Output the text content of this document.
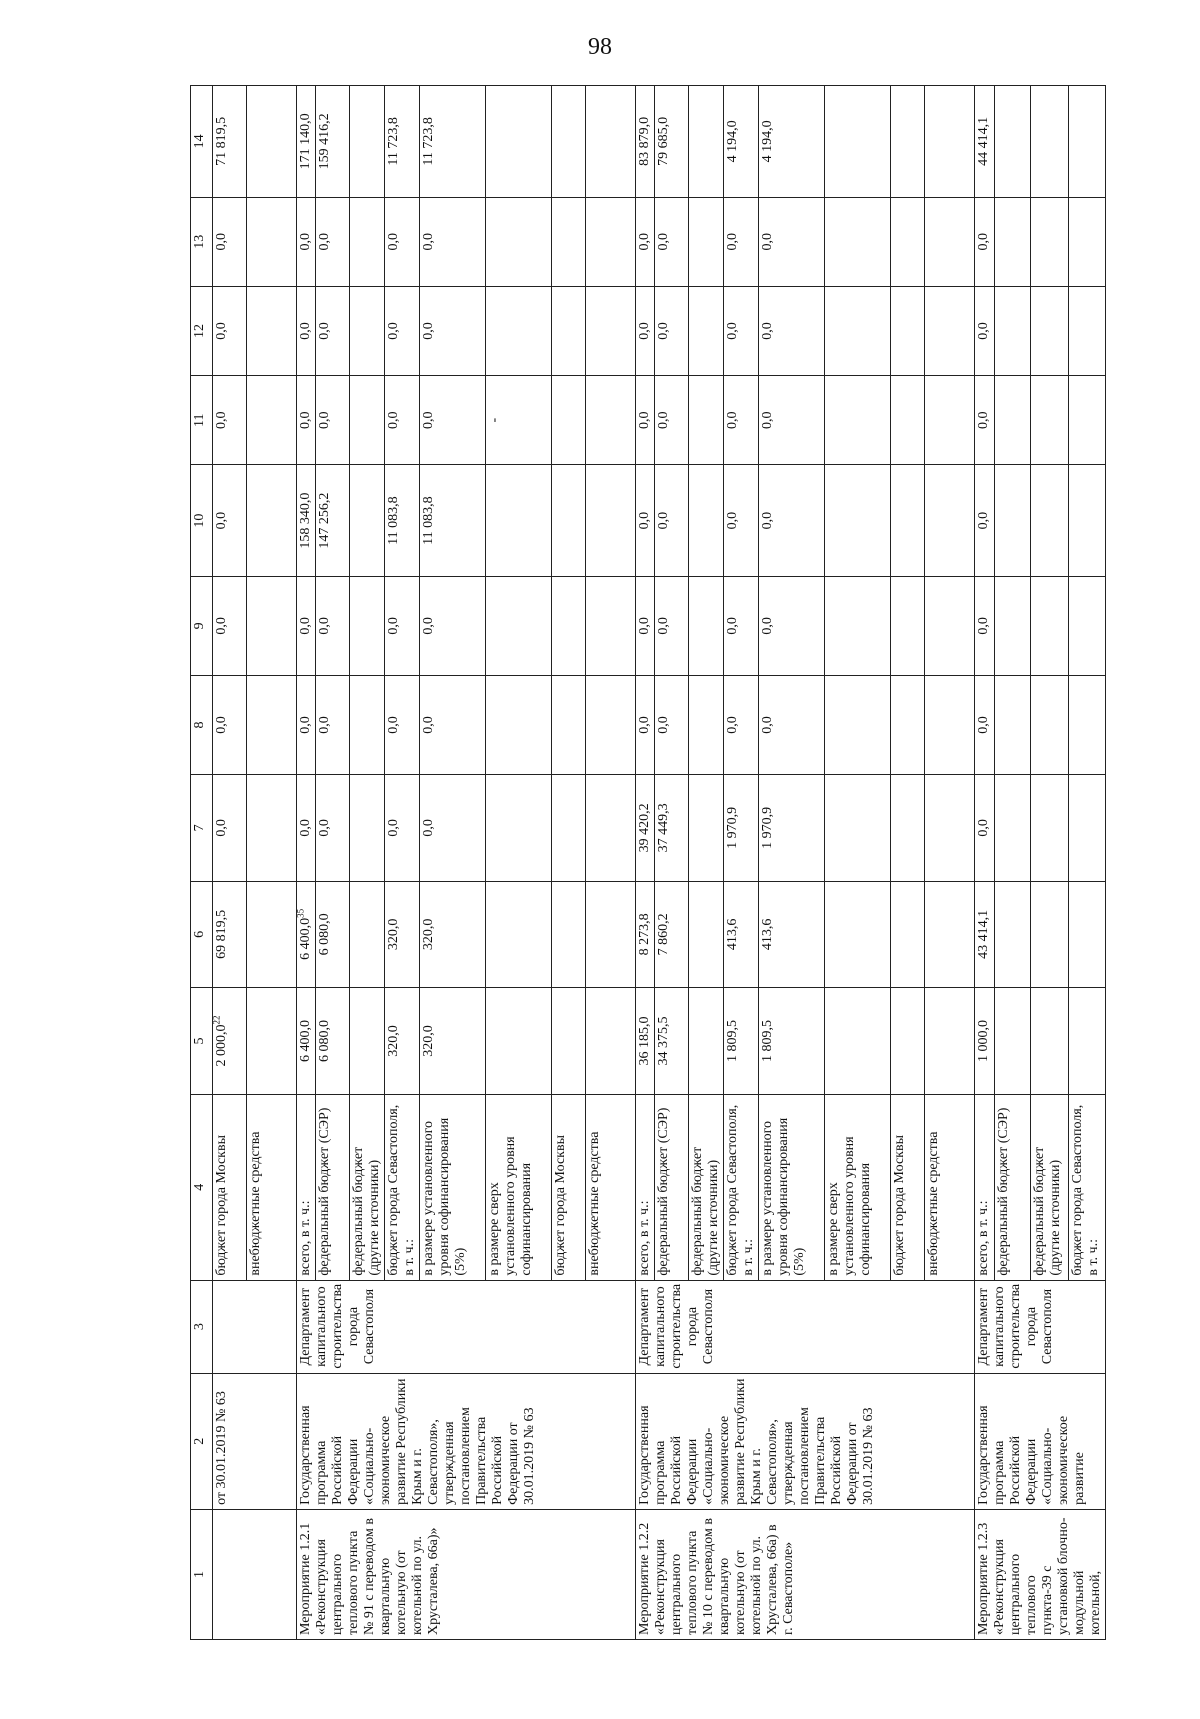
98
1	2	3	4	5	6	7	8	9	10	11	12	13	14
	от 30.01.2019 № 63		бюджет города Москвы	2 000,0$^{22}$	69 819,5	0,0	0,0	0,0	0,0	0,0	0,0	0,0	71 819,5
			внебюджетные средства										
Мероприятие 1.2.1 «Реконструкция центрального теплового пункта № 91 с переводом в квартальную котельную (от котельной по ул. Хрусталева, 66а)»	Государственная программа Российской Федерации «Социально-экономическое развитие Республики Крым и г. Севастополя», утвержденная постановлением Правительства Российской Федерации от 30.01.2019 № 63	Департамент капитального строительства города Севастополя	всего, в т. ч.:	6 400,0	6 400,0$^{35}$	0,0	0,0	0,0	158 340,0	0,0	0,0	0,0	171 140,0
			федеральный бюджет (СЭР)	6 080,0	6 080,0	0,0	0,0	0,0	147 256,2	0,0	0,0	0,0	159 416,2
			федеральный бюджет (другие источники)										
			бюджет города Севастополя, в т. ч.:	320,0	320,0	0,0	0,0	0,0	11 083,8	0,0	0,0	0,0	11 723,8
			в размере установленного уровня софинансирования (5%)	320,0	320,0	0,0	0,0	0,0	11 083,8	0,0	0,0	0,0	11 723,8
			в размере сверх установленного уровня софинансирования							-			
			бюджет города Москвы										
			внебюджетные средства										
Мероприятие 1.2.2 «Реконструкция центрального теплового пункта № 10 с переводом в квартальную котельную (от котельной по ул. Хрусталева, 66а) в г. Севастополе»	Государственная программа Российской Федерации «Социально-экономическое развитие Республики Крым и г. Севастополя», утвержденная постановлением Правительства Российской Федерации от 30.01.2019 № 63	Департамент капитального строительства города Севастополя	всего, в т. ч.:	36 185,0	8 273,8	39 420,2	0,0	0,0	0,0	0,0	0,0	0,0	83 879,0
			федеральный бюджет (СЭР)	34 375,5	7 860,2	37 449,3	0,0	0,0	0,0	0,0	0,0	0,0	79 685,0
			федеральный бюджет (другие источники)										
			бюджет города Севастополя, в т. ч.:	1 809,5	413,6	1 970,9	0,0	0,0	0,0	0,0	0,0	0,0	4 194,0
			в размере установленного уровня софинансирования (5%)	1 809,5	413,6	1 970,9	0,0	0,0	0,0	0,0	0,0	0,0	4 194,0
			в размере сверх установленного уровня софинансирования										
			бюджет города Москвы										
			внебюджетные средства										
Мероприятие 1.2.3 «Реконструкция центрального теплового пункта-39 с установкой блочно-модульной котельной,	Государственная программа Российской Федерации «Социально-экономическое развитие	Департамент капитального строительства города Севастополя	всего, в т. ч.:	1 000,0	43 414,1	0,0	0,0	0,0	0,0	0,0	0,0	0,0	44 414,1
			федеральный бюджет (СЭР)										
			федеральный бюджет (другие источники)										
			бюджет города Севастополя, в т. ч.:										
